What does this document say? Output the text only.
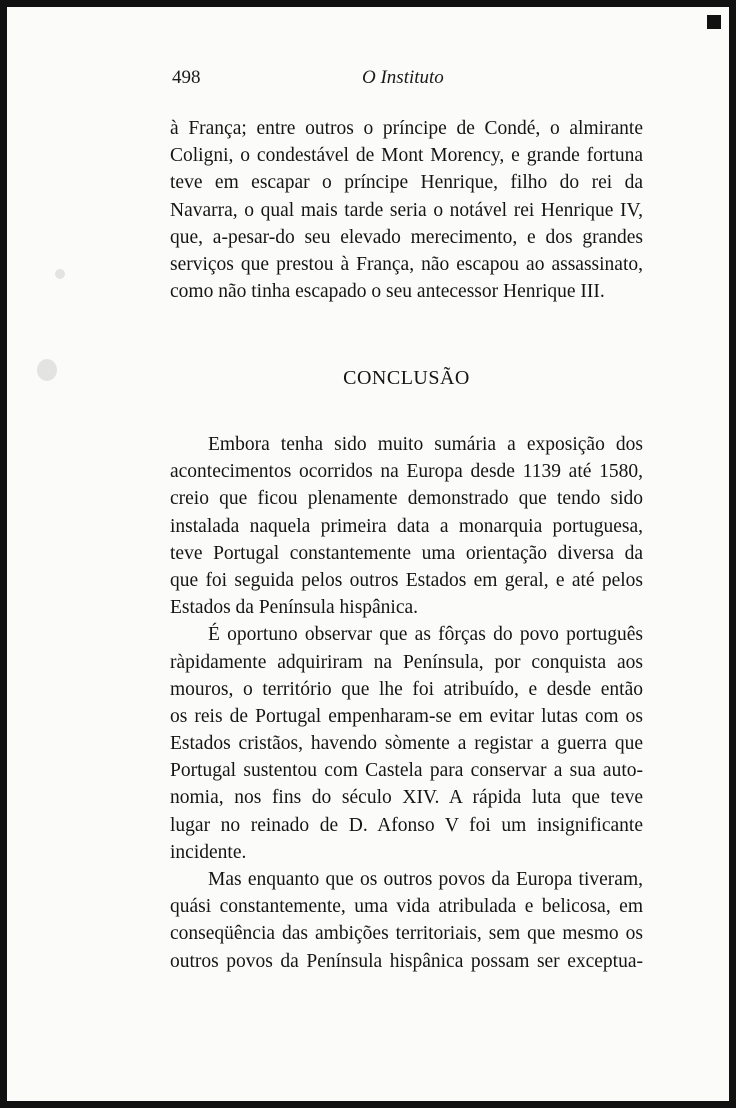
498	O Instituto
à França; entre outros o príncipe de Condé, o almirante
Coligni, o condestável de Mont Morency, e grande fortuna
teve em escapar o príncipe Henrique, filho do rei da
Navarra, o qual mais tarde seria o notável rei Henrique IV,
que, a-pesar-do seu elevado merecimento, e dos grandes
serviços que prestou à França, não escapou ao assassinato,
como não tinha escapado o seu antecessor Henrique III.
CONCLUSÃO
Embora tenha sido muito sumária a exposição dos
acontecimentos ocorridos na Europa desde 1139 até 1580,
creio que ficou plenamente demonstrado que tendo sido
instalada naquela primeira data a monarquia portuguesa,
teve Portugal constantemente uma orientação diversa da
que foi seguida pelos outros Estados em geral, e até pelos
Estados da Península hispânica.
É oportuno observar que as fôrças do povo português
ràpidamente adquiriram na Península, por conquista aos
mouros, o território que lhe foi atribuído, e desde então
os reis de Portugal empenharam-se em evitar lutas com os
Estados cristãos, havendo sòmente a registar a guerra que
Portugal sustentou com Castela para conservar a sua auto-
nomia, nos fins do século XIV. A rápida luta que teve
lugar no reinado de D. Afonso V foi um insignificante
incidente.
Mas enquanto que os outros povos da Europa tiveram,
quási constantemente, uma vida atribulada e belicosa, em
conseqüência das ambições territoriais, sem que mesmo os
outros povos da Península hispânica possam ser exceptua-
